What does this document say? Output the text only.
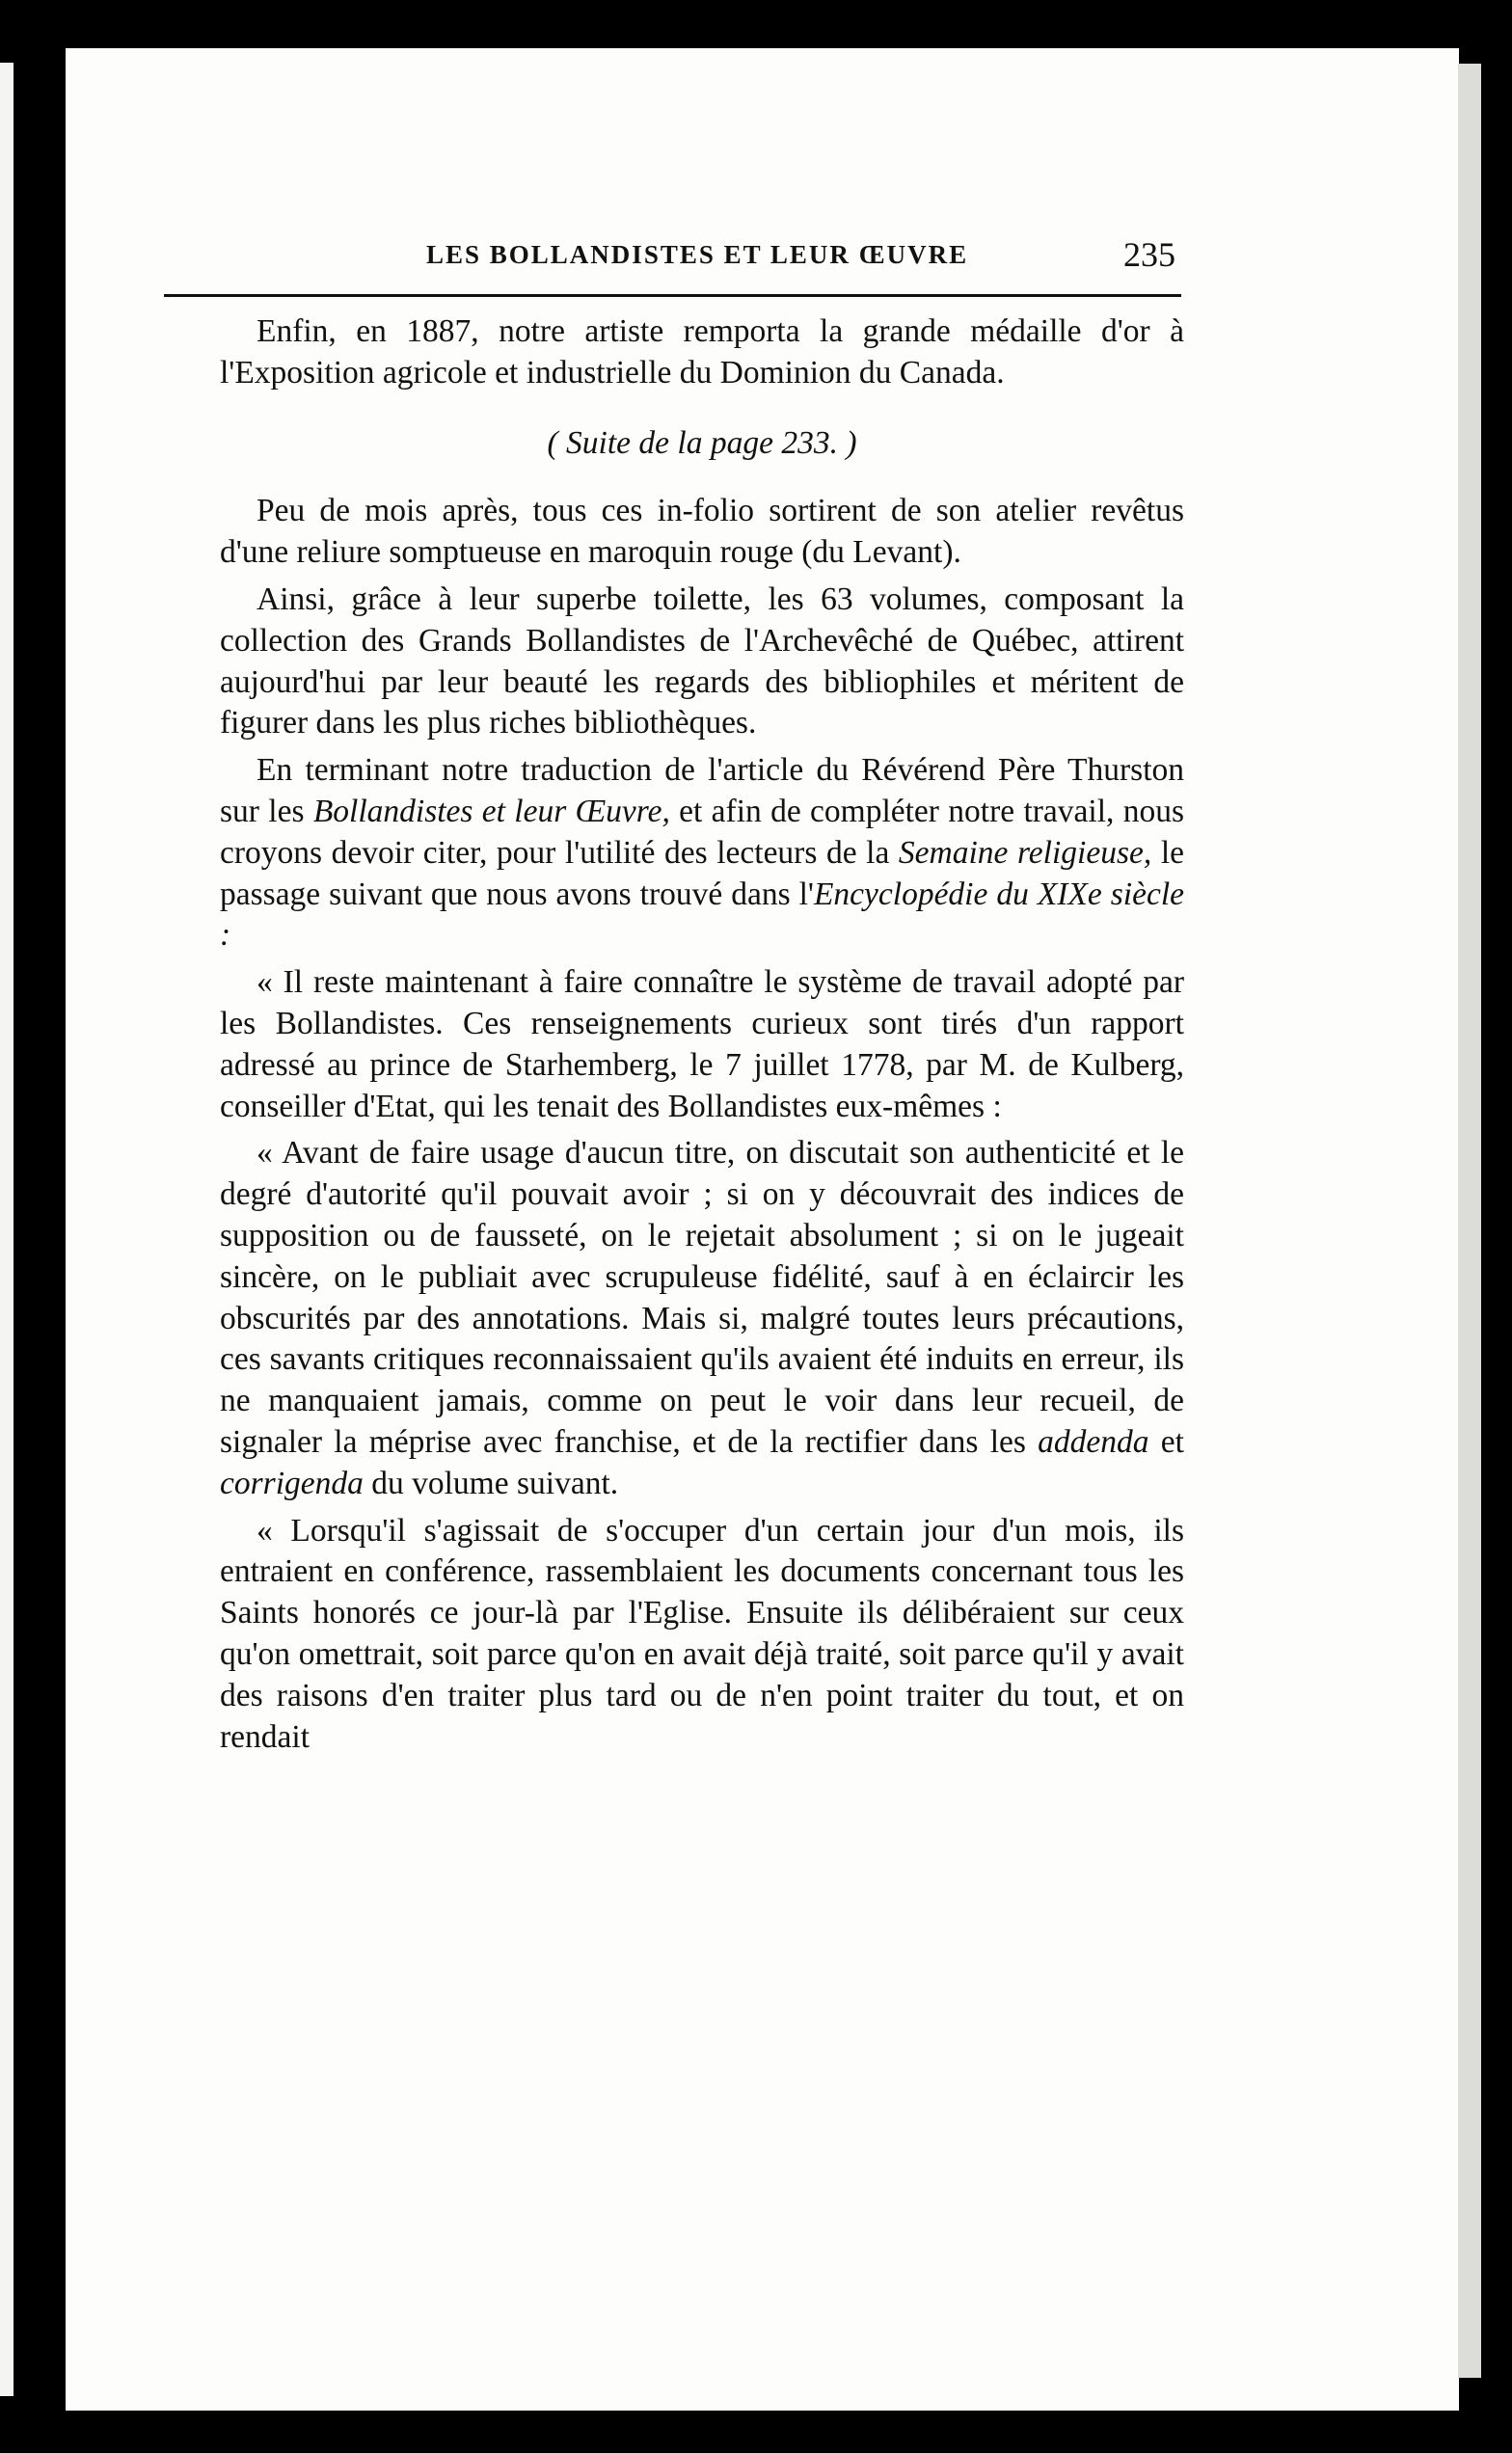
LES BOLLANDISTES ET LEUR ŒUVRE	235

Enfin, en 1887, notre artiste remporta la grande médaille d'or à l'Exposition agricole et industrielle du Dominion du Canada.

( Suite de la page 233. )

Peu de mois après, tous ces in-folio sortirent de son atelier revêtus d'une reliure somptueuse en maroquin rouge (du Levant).

Ainsi, grâce à leur superbe toilette, les 63 volumes, composant la collection des Grands Bollandistes de l'Archevêché de Québec, attirent aujourd'hui par leur beauté les regards des bibliophiles et méritent de figurer dans les plus riches bibliothèques.

En terminant notre traduction de l'article du Révérend Père Thurston sur les Bollandistes et leur Œuvre, et afin de compléter notre travail, nous croyons devoir citer, pour l'utilité des lecteurs de la Semaine religieuse, le passage suivant que nous avons trouvé dans l'Encyclopédie du XIXe siècle :

« Il reste maintenant à faire connaître le système de travail adopté par les Bollandistes. Ces renseignements curieux sont tirés d'un rapport adressé au prince de Starhemberg, le 7 juillet 1778, par M. de Kulberg, conseiller d'Etat, qui les tenait des Bollandistes eux-mêmes :

« Avant de faire usage d'aucun titre, on discutait son authenticité et le degré d'autorité qu'il pouvait avoir ; si on y découvrait des indices de supposition ou de fausseté, on le rejetait absolument ; si on le jugeait sincère, on le publiait avec scrupuleuse fidélité, sauf à en éclaircir les obscurités par des annotations. Mais si, malgré toutes leurs précautions, ces savants critiques reconnaissaient qu'ils avaient été induits en erreur, ils ne manquaient jamais, comme on peut le voir dans leur recueil, de signaler la méprise avec franchise, et de la rectifier dans les addenda et corrigenda du volume suivant.

« Lorsqu'il s'agissait de s'occuper d'un certain jour d'un mois, ils entraient en conférence, rassemblaient les documents concernant tous les Saints honorés ce jour-là par l'Eglise. Ensuite ils délibéraient sur ceux qu'on omettrait, soit parce qu'on en avait déjà traité, soit parce qu'il y avait des raisons d'en traiter plus tard ou de n'en point traiter du tout, et on rendait
